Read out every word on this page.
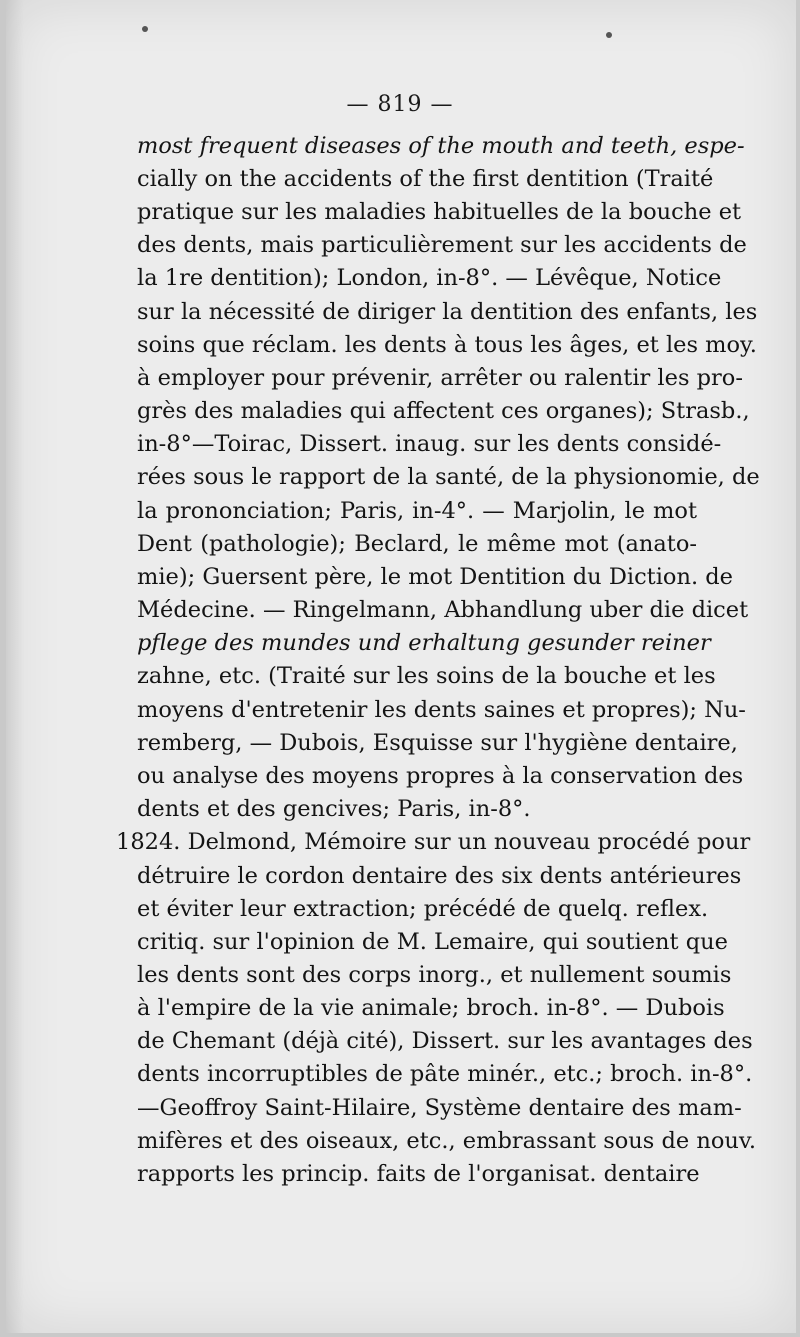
— 819 —
most frequent diseases of the mouth and teeth, espe-
cially on the accidents of the first dentition (Traité
pratique sur les maladies habituelles de la bouche et
des dents, mais particulièrement sur les accidents de
la 1re dentition); London, in-8°. — Lévêque, Notice
sur la nécessité de diriger la dentition des enfants, les
soins que réclam. les dents à tous les âges, et les moy.
à employer pour prévenir, arrêter ou ralentir les pro-
grès des maladies qui affectent ces organes); Strasb.,
in-8°—Toirac, Dissert. inaug. sur les dents considé-
rées sous le rapport de la santé, de la physionomie, de
la prononciation; Paris, in-4°. — Marjolin, le mot
Dent (pathologie); Beclard, le même mot (anato-
mie); Guersent père, le mot Dentition du Diction. de
Médecine. — Ringelmann, Abhandlung uber die dicet
pflege des mundes und erhaltung gesunder reiner
zahne, etc. (Traité sur les soins de la bouche et les
moyens d'entretenir les dents saines et propres); Nu-
remberg, — Dubois, Esquisse sur l'hygiène dentaire,
ou analyse des moyens propres à la conservation des
dents et des gencives; Paris, in-8°.
1824. Delmond, Mémoire sur un nouveau procédé pour
détruire le cordon dentaire des six dents antérieures
et éviter leur extraction; précédé de quelq. reflex.
critiq. sur l'opinion de M. Lemaire, qui soutient que
les dents sont des corps inorg., et nullement soumis
à l'empire de la vie animale; broch. in-8°. — Dubois
de Chemant (déjà cité), Dissert. sur les avantages des
dents incorruptibles de pâte minér., etc.; broch. in-8°.
—Geoffroy Saint-Hilaire, Système dentaire des mam-
mifères et des oiseaux, etc., embrassant sous de nouv.
rapports les princip. faits de l'organisat. dentaire
